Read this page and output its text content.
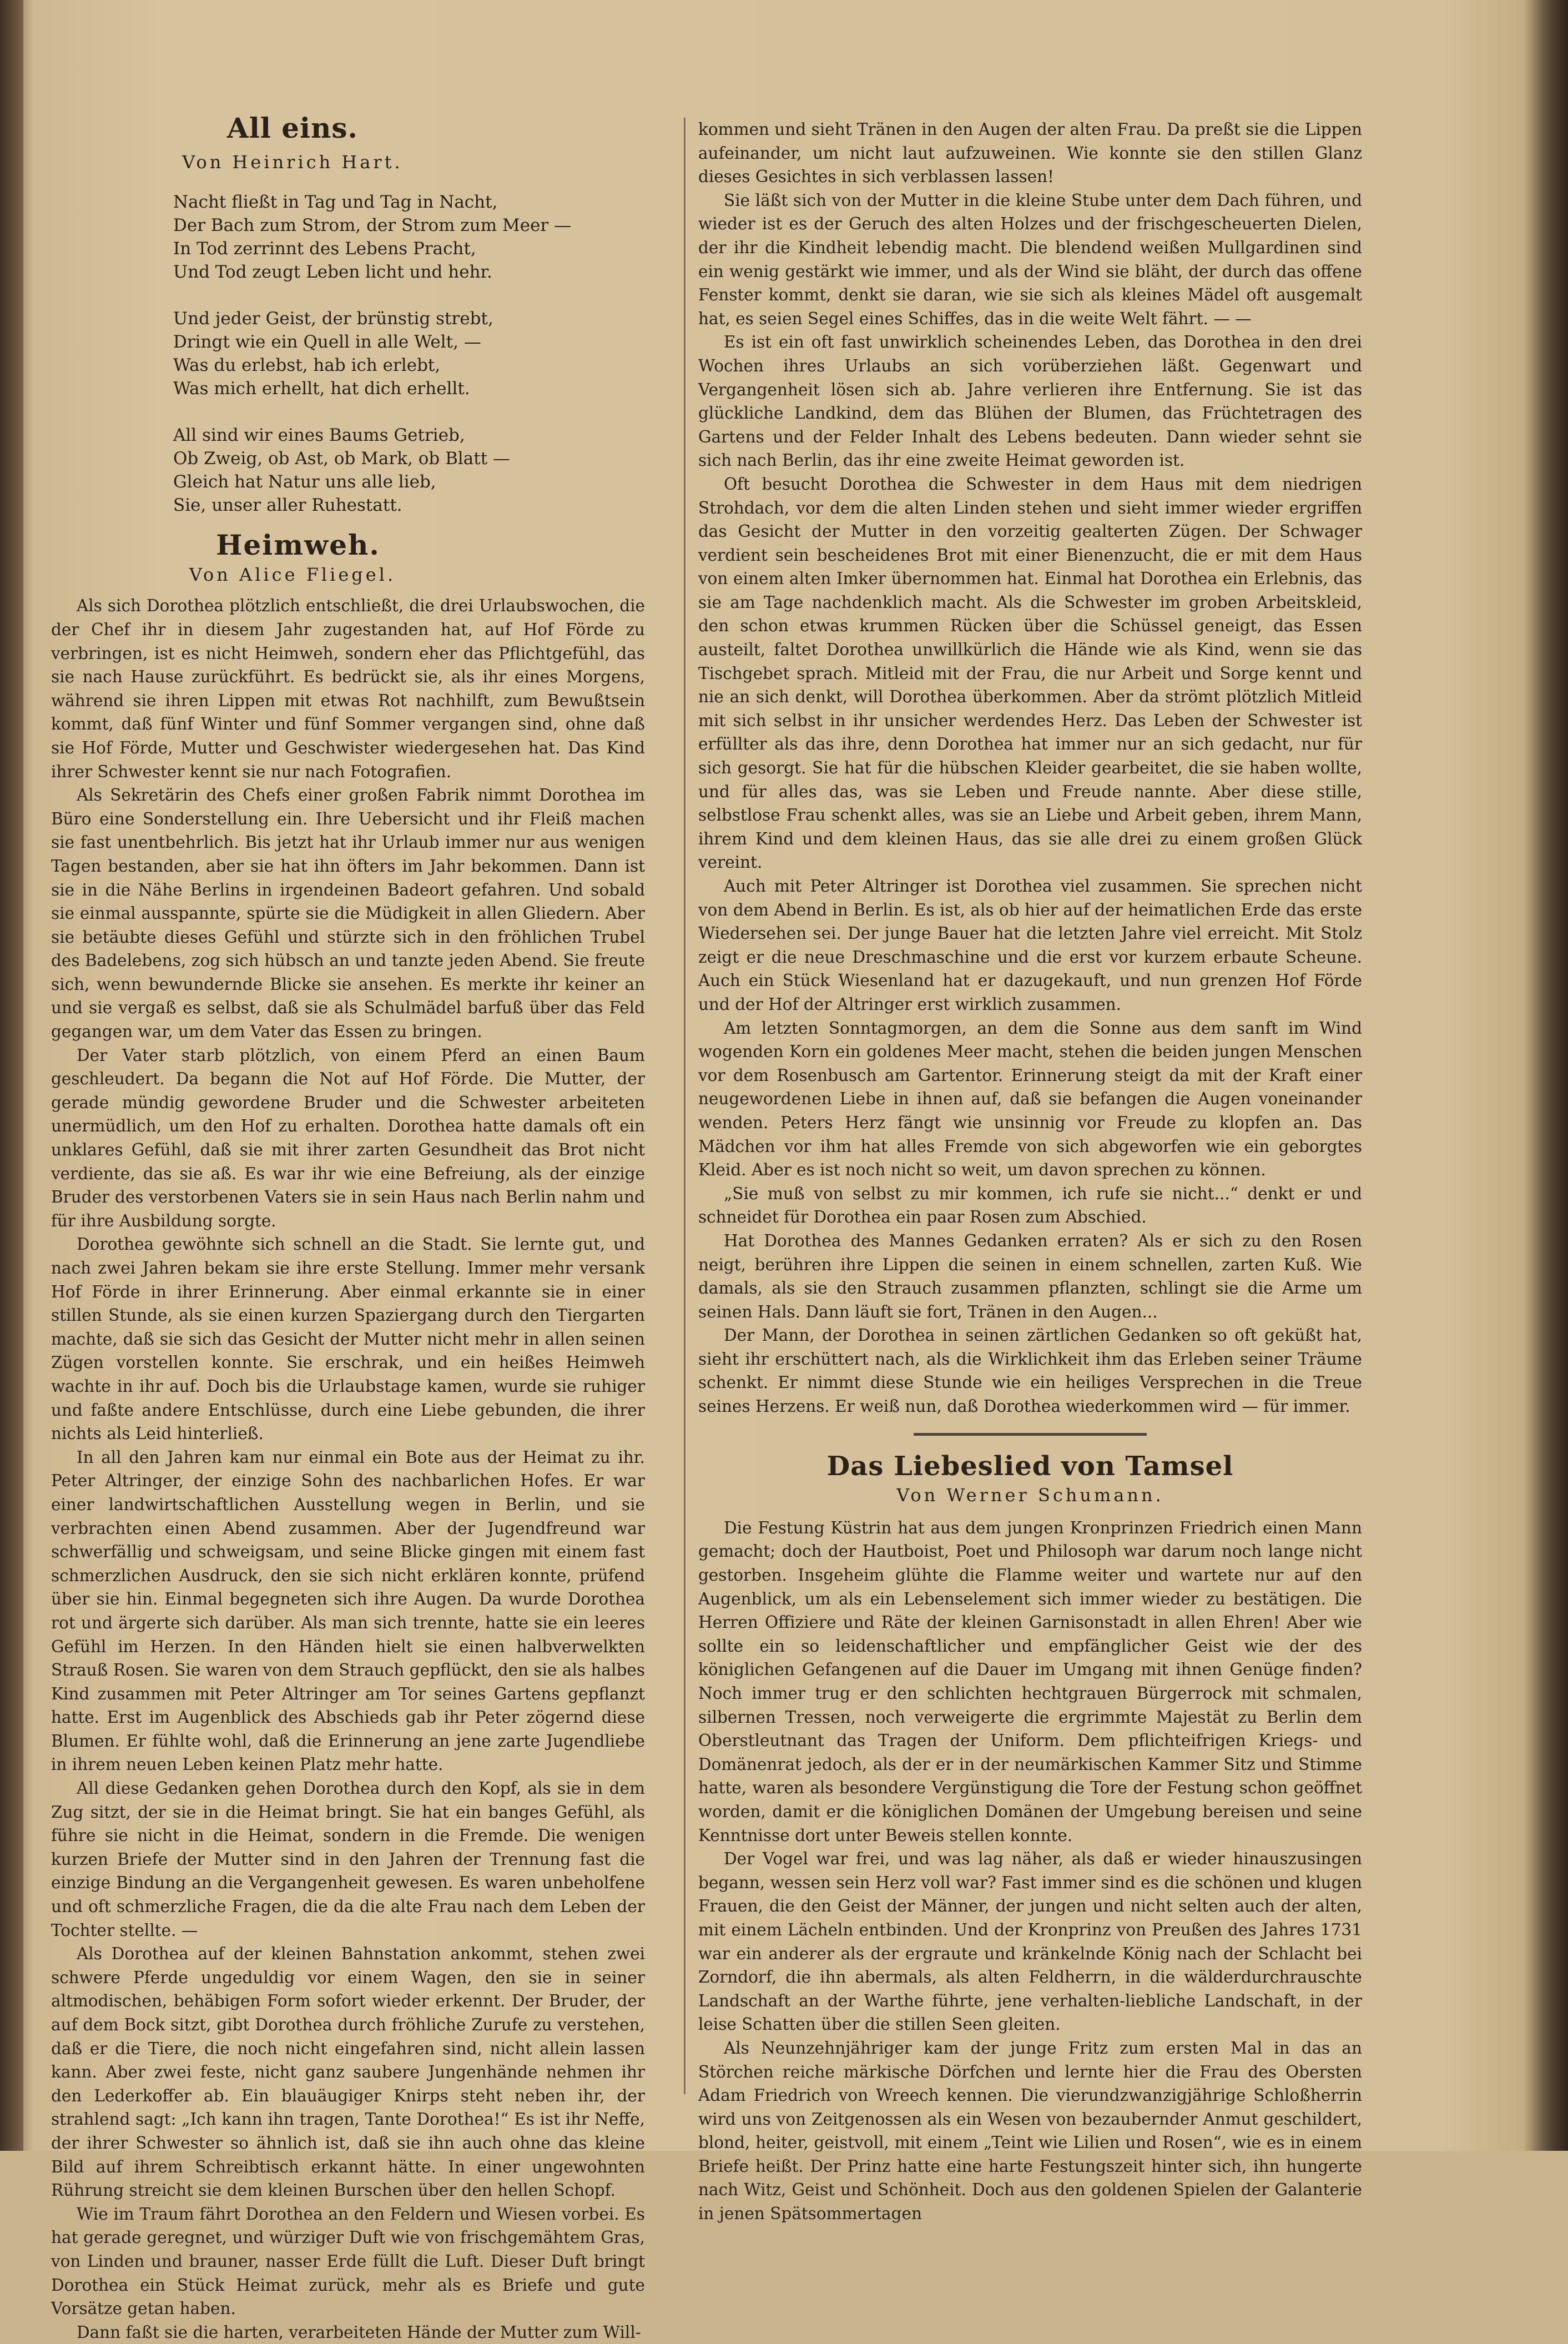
All eins.
Von Heinrich Hart.
Nacht fließt in Tag und Tag in Nacht,
Der Bach zum Strom, der Strom zum Meer —
In Tod zerrinnt des Lebens Pracht,
Und Tod zeugt Leben licht und hehr.
Und jeder Geist, der brünstig strebt,
Dringt wie ein Quell in alle Welt, —
Was du erlebst, hab ich erlebt,
Was mich erhellt, hat dich erhellt.
All sind wir eines Baums Getrieb,
Ob Zweig, ob Ast, ob Mark, ob Blatt —
Gleich hat Natur uns alle lieb,
Sie, unser aller Ruhestatt.
Heimweh.
Von Alice Fliegel.

Als sich Dorothea plötzlich entschließt, die drei Urlaubswochen, die der Chef ihr in diesem Jahr zugestanden hat, auf Hof Förde zu verbringen, ist es nicht Heimweh, sondern eher das Pflichtgefühl, das sie nach Hause zurückführt. Es bedrückt sie, als ihr eines Morgens, während sie ihren Lippen mit etwas Rot nachhilft, zum Bewußtsein kommt, daß fünf Winter und fünf Sommer vergangen sind, ohne daß sie Hof Förde, Mutter und Geschwister wiedergesehen hat. Das Kind ihrer Schwester kennt sie nur nach Fotografien.

Als Sekretärin des Chefs einer großen Fabrik nimmt Dorothea im Büro eine Sonderstellung ein. Ihre Uebersicht und ihr Fleiß machen sie fast unentbehrlich. Bis jetzt hat ihr Urlaub immer nur aus wenigen Tagen bestanden, aber sie hat ihn öfters im Jahr bekommen. Dann ist sie in die Nähe Berlins in irgendeinen Badeort gefahren. Und sobald sie einmal ausspannte, spürte sie die Müdigkeit in allen Gliedern. Aber sie betäubte dieses Gefühl und stürzte sich in den fröhlichen Trubel des Badelebens, zog sich hübsch an und tanzte jeden Abend. Sie freute sich, wenn bewundernde Blicke sie ansehen. Es merkte ihr keiner an und sie vergaß es selbst, daß sie als Schulmädel barfuß über das Feld gegangen war, um dem Vater das Essen zu bringen.

Der Vater starb plötzlich, von einem Pferd an einen Baum geschleudert. Da begann die Not auf Hof Förde. Die Mutter, der gerade mündig gewordene Bruder und die Schwester arbeiteten unermüdlich, um den Hof zu erhalten. Dorothea hatte damals oft ein unklares Gefühl, daß sie mit ihrer zarten Gesundheit das Brot nicht verdiente, das sie aß. Es war ihr wie eine Befreiung, als der einzige Bruder des verstorbenen Vaters sie in sein Haus nach Berlin nahm und für ihre Ausbildung sorgte.

Dorothea gewöhnte sich schnell an die Stadt. Sie lernte gut, und nach zwei Jahren bekam sie ihre erste Stellung. Immer mehr versank Hof Förde in ihrer Erinnerung. Aber einmal erkannte sie in einer stillen Stunde, als sie einen kurzen Spaziergang durch den Tiergarten machte, daß sie sich das Gesicht der Mutter nicht mehr in allen seinen Zügen vorstellen konnte. Sie erschrak, und ein heißes Heimweh wachte in ihr auf. Doch bis die Urlaubstage kamen, wurde sie ruhiger und faßte andere Entschlüsse, durch eine Liebe gebunden, die ihrer nichts als Leid hinterließ.

In all den Jahren kam nur einmal ein Bote aus der Heimat zu ihr. Peter Altringer, der einzige Sohn des nachbarlichen Hofes. Er war einer landwirtschaftlichen Ausstellung wegen in Berlin, und sie verbrachten einen Abend zusammen. Aber der Jugendfreund war schwerfällig und schweigsam, und seine Blicke gingen mit einem fast schmerzlichen Ausdruck, den sie sich nicht erklären konnte, prüfend über sie hin. Einmal begegneten sich ihre Augen. Da wurde Dorothea rot und ärgerte sich darüber. Als man sich trennte, hatte sie ein leeres Gefühl im Herzen. In den Händen hielt sie einen halbverwelkten Strauß Rosen. Sie waren von dem Strauch gepflückt, den sie als halbes Kind zusammen mit Peter Altringer am Tor seines Gartens gepflanzt hatte. Erst im Augenblick des Abschieds gab ihr Peter zögernd diese Blumen. Er fühlte wohl, daß die Erinnerung an jene zarte Jugendliebe in ihrem neuen Leben keinen Platz mehr hatte.

All diese Gedanken gehen Dorothea durch den Kopf, als sie in dem Zug sitzt, der sie in die Heimat bringt. Sie hat ein banges Gefühl, als führe sie nicht in die Heimat, sondern in die Fremde. Die wenigen kurzen Briefe der Mutter sind in den Jahren der Trennung fast die einzige Bindung an die Vergangenheit gewesen. Es waren unbeholfene und oft schmerzliche Fragen, die da die alte Frau nach dem Leben der Tochter stellte. —

Als Dorothea auf der kleinen Bahnstation ankommt, stehen zwei schwere Pferde ungeduldig vor einem Wagen, den sie in seiner altmodischen, behäbigen Form sofort wieder erkennt. Der Bruder, der auf dem Bock sitzt, gibt Dorothea durch fröhliche Zurufe zu verstehen, daß er die Tiere, die noch nicht eingefahren sind, nicht allein lassen kann. Aber zwei feste, nicht ganz saubere Jungenhände nehmen ihr den Lederkoffer ab. Ein blauäugiger Knirps steht neben ihr, der strahlend sagt: „Ich kann ihn tragen, Tante Dorothea!“ Es ist ihr Neffe, der ihrer Schwester so ähnlich ist, daß sie ihn auch ohne das kleine Bild auf ihrem Schreibtisch erkannt hätte. In einer ungewohnten Rührung streicht sie dem kleinen Burschen über den hellen Schopf.

Wie im Traum fährt Dorothea an den Feldern und Wiesen vorbei. Es hat gerade geregnet, und würziger Duft wie von frischgemähtem Gras, von Linden und brauner, nasser Erde füllt die Luft. Dieser Duft bringt Dorothea ein Stück Heimat zurück, mehr als es Briefe und gute Vorsätze getan haben.

Dann faßt sie die harten, verarbeiteten Hände der Mutter zum Will-

kommen und sieht Tränen in den Augen der alten Frau. Da preßt sie die Lippen aufeinander, um nicht laut aufzuweinen. Wie konnte sie den stillen Glanz dieses Gesichtes in sich verblassen lassen!

Sie läßt sich von der Mutter in die kleine Stube unter dem Dach führen, und wieder ist es der Geruch des alten Holzes und der frischgescheuerten Dielen, der ihr die Kindheit lebendig macht. Die blendend weißen Mullgardinen sind ein wenig gestärkt wie immer, und als der Wind sie bläht, der durch das offene Fenster kommt, denkt sie daran, wie sie sich als kleines Mädel oft ausgemalt hat, es seien Segel eines Schiffes, das in die weite Welt fährt. — —

Es ist ein oft fast unwirklich scheinendes Leben, das Dorothea in den drei Wochen ihres Urlaubs an sich vorüberziehen läßt. Gegenwart und Vergangenheit lösen sich ab. Jahre verlieren ihre Entfernung. Sie ist das glückliche Landkind, dem das Blühen der Blumen, das Früchtetragen des Gartens und der Felder Inhalt des Lebens bedeuten. Dann wieder sehnt sie sich nach Berlin, das ihr eine zweite Heimat geworden ist.

Oft besucht Dorothea die Schwester in dem Haus mit dem niedrigen Strohdach, vor dem die alten Linden stehen und sieht immer wieder ergriffen das Gesicht der Mutter in den vorzeitig gealterten Zügen. Der Schwager verdient sein bescheidenes Brot mit einer Bienenzucht, die er mit dem Haus von einem alten Imker übernommen hat. Einmal hat Dorothea ein Erlebnis, das sie am Tage nachdenklich macht. Als die Schwester im groben Arbeitskleid, den schon etwas krummen Rücken über die Schüssel geneigt, das Essen austeilt, faltet Dorothea unwillkürlich die Hände wie als Kind, wenn sie das Tischgebet sprach. Mitleid mit der Frau, die nur Arbeit und Sorge kennt und nie an sich denkt, will Dorothea überkommen. Aber da strömt plötzlich Mitleid mit sich selbst in ihr unsicher werdendes Herz. Das Leben der Schwester ist erfüllter als das ihre, denn Dorothea hat immer nur an sich gedacht, nur für sich gesorgt. Sie hat für die hübschen Kleider gearbeitet, die sie haben wollte, und für alles das, was sie Leben und Freude nannte. Aber diese stille, selbstlose Frau schenkt alles, was sie an Liebe und Arbeit geben, ihrem Mann, ihrem Kind und dem kleinen Haus, das sie alle drei zu einem großen Glück vereint.

Auch mit Peter Altringer ist Dorothea viel zusammen. Sie sprechen nicht von dem Abend in Berlin. Es ist, als ob hier auf der heimatlichen Erde das erste Wiedersehen sei. Der junge Bauer hat die letzten Jahre viel erreicht. Mit Stolz zeigt er die neue Dreschmaschine und die erst vor kurzem erbaute Scheune. Auch ein Stück Wiesenland hat er dazugekauft, und nun grenzen Hof Förde und der Hof der Altringer erst wirklich zusammen.

Am letzten Sonntagmorgen, an dem die Sonne aus dem sanft im Wind wogenden Korn ein goldenes Meer macht, stehen die beiden jungen Menschen vor dem Rosenbusch am Gartentor. Erinnerung steigt da mit der Kraft einer neugewordenen Liebe in ihnen auf, daß sie befangen die Augen voneinander wenden. Peters Herz fängt wie unsinnig vor Freude zu klopfen an. Das Mädchen vor ihm hat alles Fremde von sich abgeworfen wie ein geborgtes Kleid. Aber es ist noch nicht so weit, um davon sprechen zu können.

„Sie muß von selbst zu mir kommen, ich rufe sie nicht...“ denkt er und schneidet für Dorothea ein paar Rosen zum Abschied.

Hat Dorothea des Mannes Gedanken erraten? Als er sich zu den Rosen neigt, berühren ihre Lippen die seinen in einem schnellen, zarten Kuß. Wie damals, als sie den Strauch zusammen pflanzten, schlingt sie die Arme um seinen Hals. Dann läuft sie fort, Tränen in den Augen...

Der Mann, der Dorothea in seinen zärtlichen Gedanken so oft geküßt hat, sieht ihr erschüttert nach, als die Wirklichkeit ihm das Erleben seiner Träume schenkt. Er nimmt diese Stunde wie ein heiliges Versprechen in die Treue seines Herzens. Er weiß nun, daß Dorothea wiederkommen wird — für immer.

Das Liebeslied von Tamsel
Von Werner Schumann.

Die Festung Küstrin hat aus dem jungen Kronprinzen Friedrich einen Mann gemacht; doch der Hautboist, Poet und Philosoph war darum noch lange nicht gestorben. Insgeheim glühte die Flamme weiter und wartete nur auf den Augenblick, um als ein Lebenselement sich immer wieder zu bestätigen. Die Herren Offiziere und Räte der kleinen Garnisonstadt in allen Ehren! Aber wie sollte ein so leidenschaftlicher und empfänglicher Geist wie der des königlichen Gefangenen auf die Dauer im Umgang mit ihnen Genüge finden? Noch immer trug er den schlichten hechtgrauen Bürgerrock mit schmalen, silbernen Tressen, noch verweigerte die ergrimmte Majestät zu Berlin dem Oberstleutnant das Tragen der Uniform. Dem pflichteifrigen Kriegs- und Domänenrat jedoch, als der er in der neumärkischen Kammer Sitz und Stimme hatte, waren als besondere Vergünstigung die Tore der Festung schon geöffnet worden, damit er die königlichen Domänen der Umgebung bereisen und seine Kenntnisse dort unter Beweis stellen konnte.

Der Vogel war frei, und was lag näher, als daß er wieder hinauszusingen begann, wessen sein Herz voll war? Fast immer sind es die schönen und klugen Frauen, die den Geist der Männer, der jungen und nicht selten auch der alten, mit einem Lächeln entbinden. Und der Kronprinz von Preußen des Jahres 1731 war ein anderer als der ergraute und kränkelnde König nach der Schlacht bei Zorndorf, die ihn abermals, als alten Feldherrn, in die wälderdurchrauschte Landschaft an der Warthe führte, jene verhalten-liebliche Landschaft, in der leise Schatten über die stillen Seen gleiten.

Als Neunzehnjähriger kam der junge Fritz zum ersten Mal in das an Störchen reiche märkische Dörfchen und lernte hier die Frau des Obersten Adam Friedrich von Wreech kennen. Die vierundzwanzigjährige Schloßherrin wird uns von Zeitgenossen als ein Wesen von bezaubernder Anmut geschildert, blond, heiter, geistvoll, mit einem „Teint wie Lilien und Rosen“, wie es in einem Briefe heißt. Der Prinz hatte eine harte Festungszeit hinter sich, ihn hungerte nach Witz, Geist und Schönheit. Doch aus den goldenen Spielen der Galanterie in jenen Spätsommertagen
